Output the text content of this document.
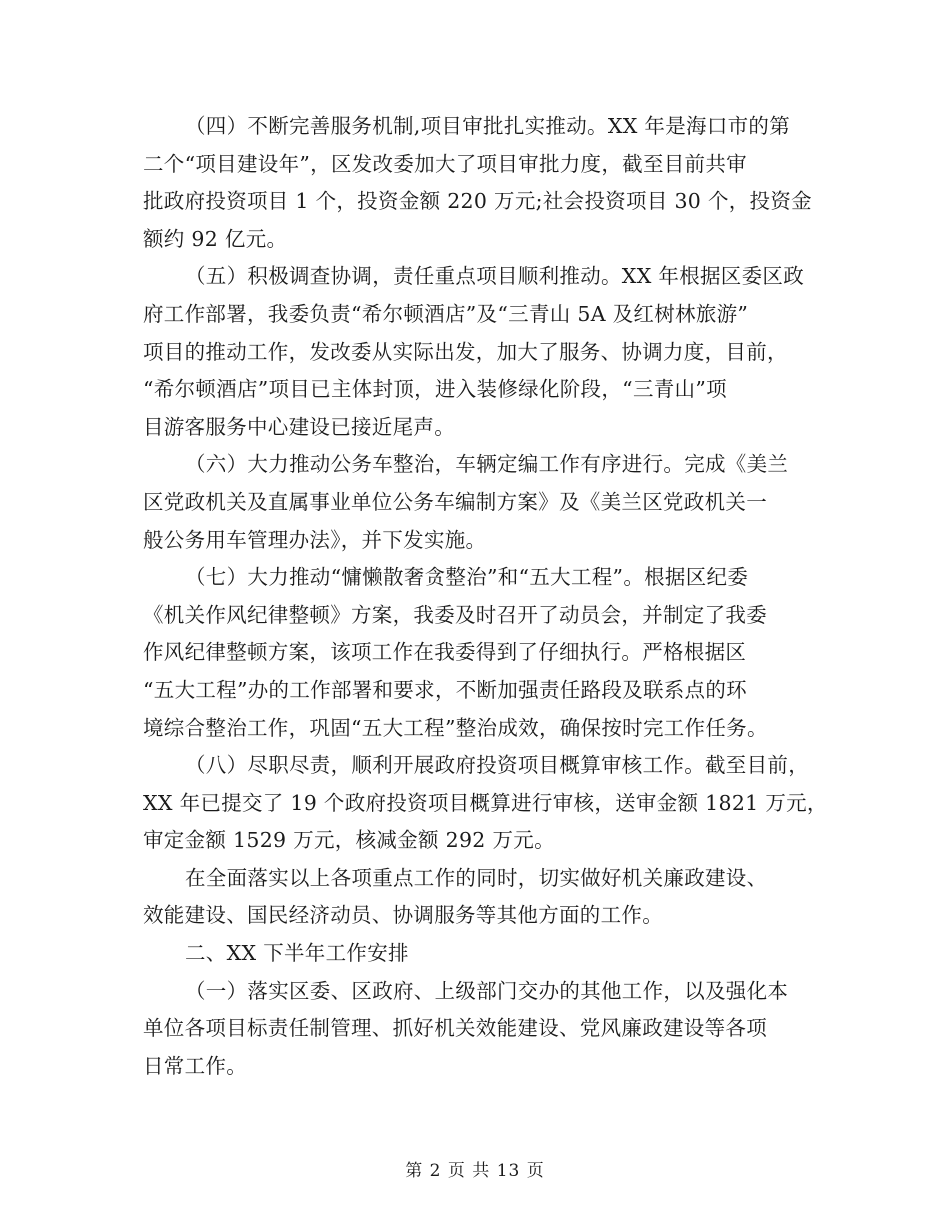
（四）不断完善服务机制,项目审批扎实推动。XX 年是海口市的第
二个“项目建设年”，区发改委加大了项目审批力度，截至目前共审
批政府投资项目 1 个，投资金额 220 万元;社会投资项目 30 个，投资金
额约 92 亿元。
（五）积极调查协调，责任重点项目顺利推动。XX 年根据区委区政
府工作部署，我委负责“希尔顿酒店”及“三青山 5A 及红树林旅游”
项目的推动工作，发改委从实际出发，加大了服务、协调力度，目前，
“希尔顿酒店”项目已主体封顶，进入装修绿化阶段，“三青山”项
目游客服务中心建设已接近尾声。
（六）大力推动公务车整治，车辆定编工作有序进行。完成《美兰
区党政机关及直属事业单位公务车编制方案》及《美兰区党政机关一
般公务用车管理办法》，并下发实施。
（七）大力推动“慵懒散奢贪整治”和“五大工程”。根据区纪委
《机关作风纪律整顿》方案，我委及时召开了动员会，并制定了我委
作风纪律整顿方案，该项工作在我委得到了仔细执行。严格根据区
“五大工程”办的工作部署和要求，不断加强责任路段及联系点的环
境综合整治工作，巩固“五大工程”整治成效，确保按时完工作任务。
（八）尽职尽责，顺利开展政府投资项目概算审核工作。截至目前，
XX 年已提交了 19 个政府投资项目概算进行审核，送审金额 1821 万元，
审定金额 1529 万元，核减金额 292 万元。
在全面落实以上各项重点工作的同时，切实做好机关廉政建设、
效能建设、国民经济动员、协调服务等其他方面的工作。
二、XX 下半年工作安排
（一）落实区委、区政府、上级部门交办的其他工作，以及强化本
单位各项目标责任制管理、抓好机关效能建设、党风廉政建设等各项
日常工作。
第 2 页 共 13 页
